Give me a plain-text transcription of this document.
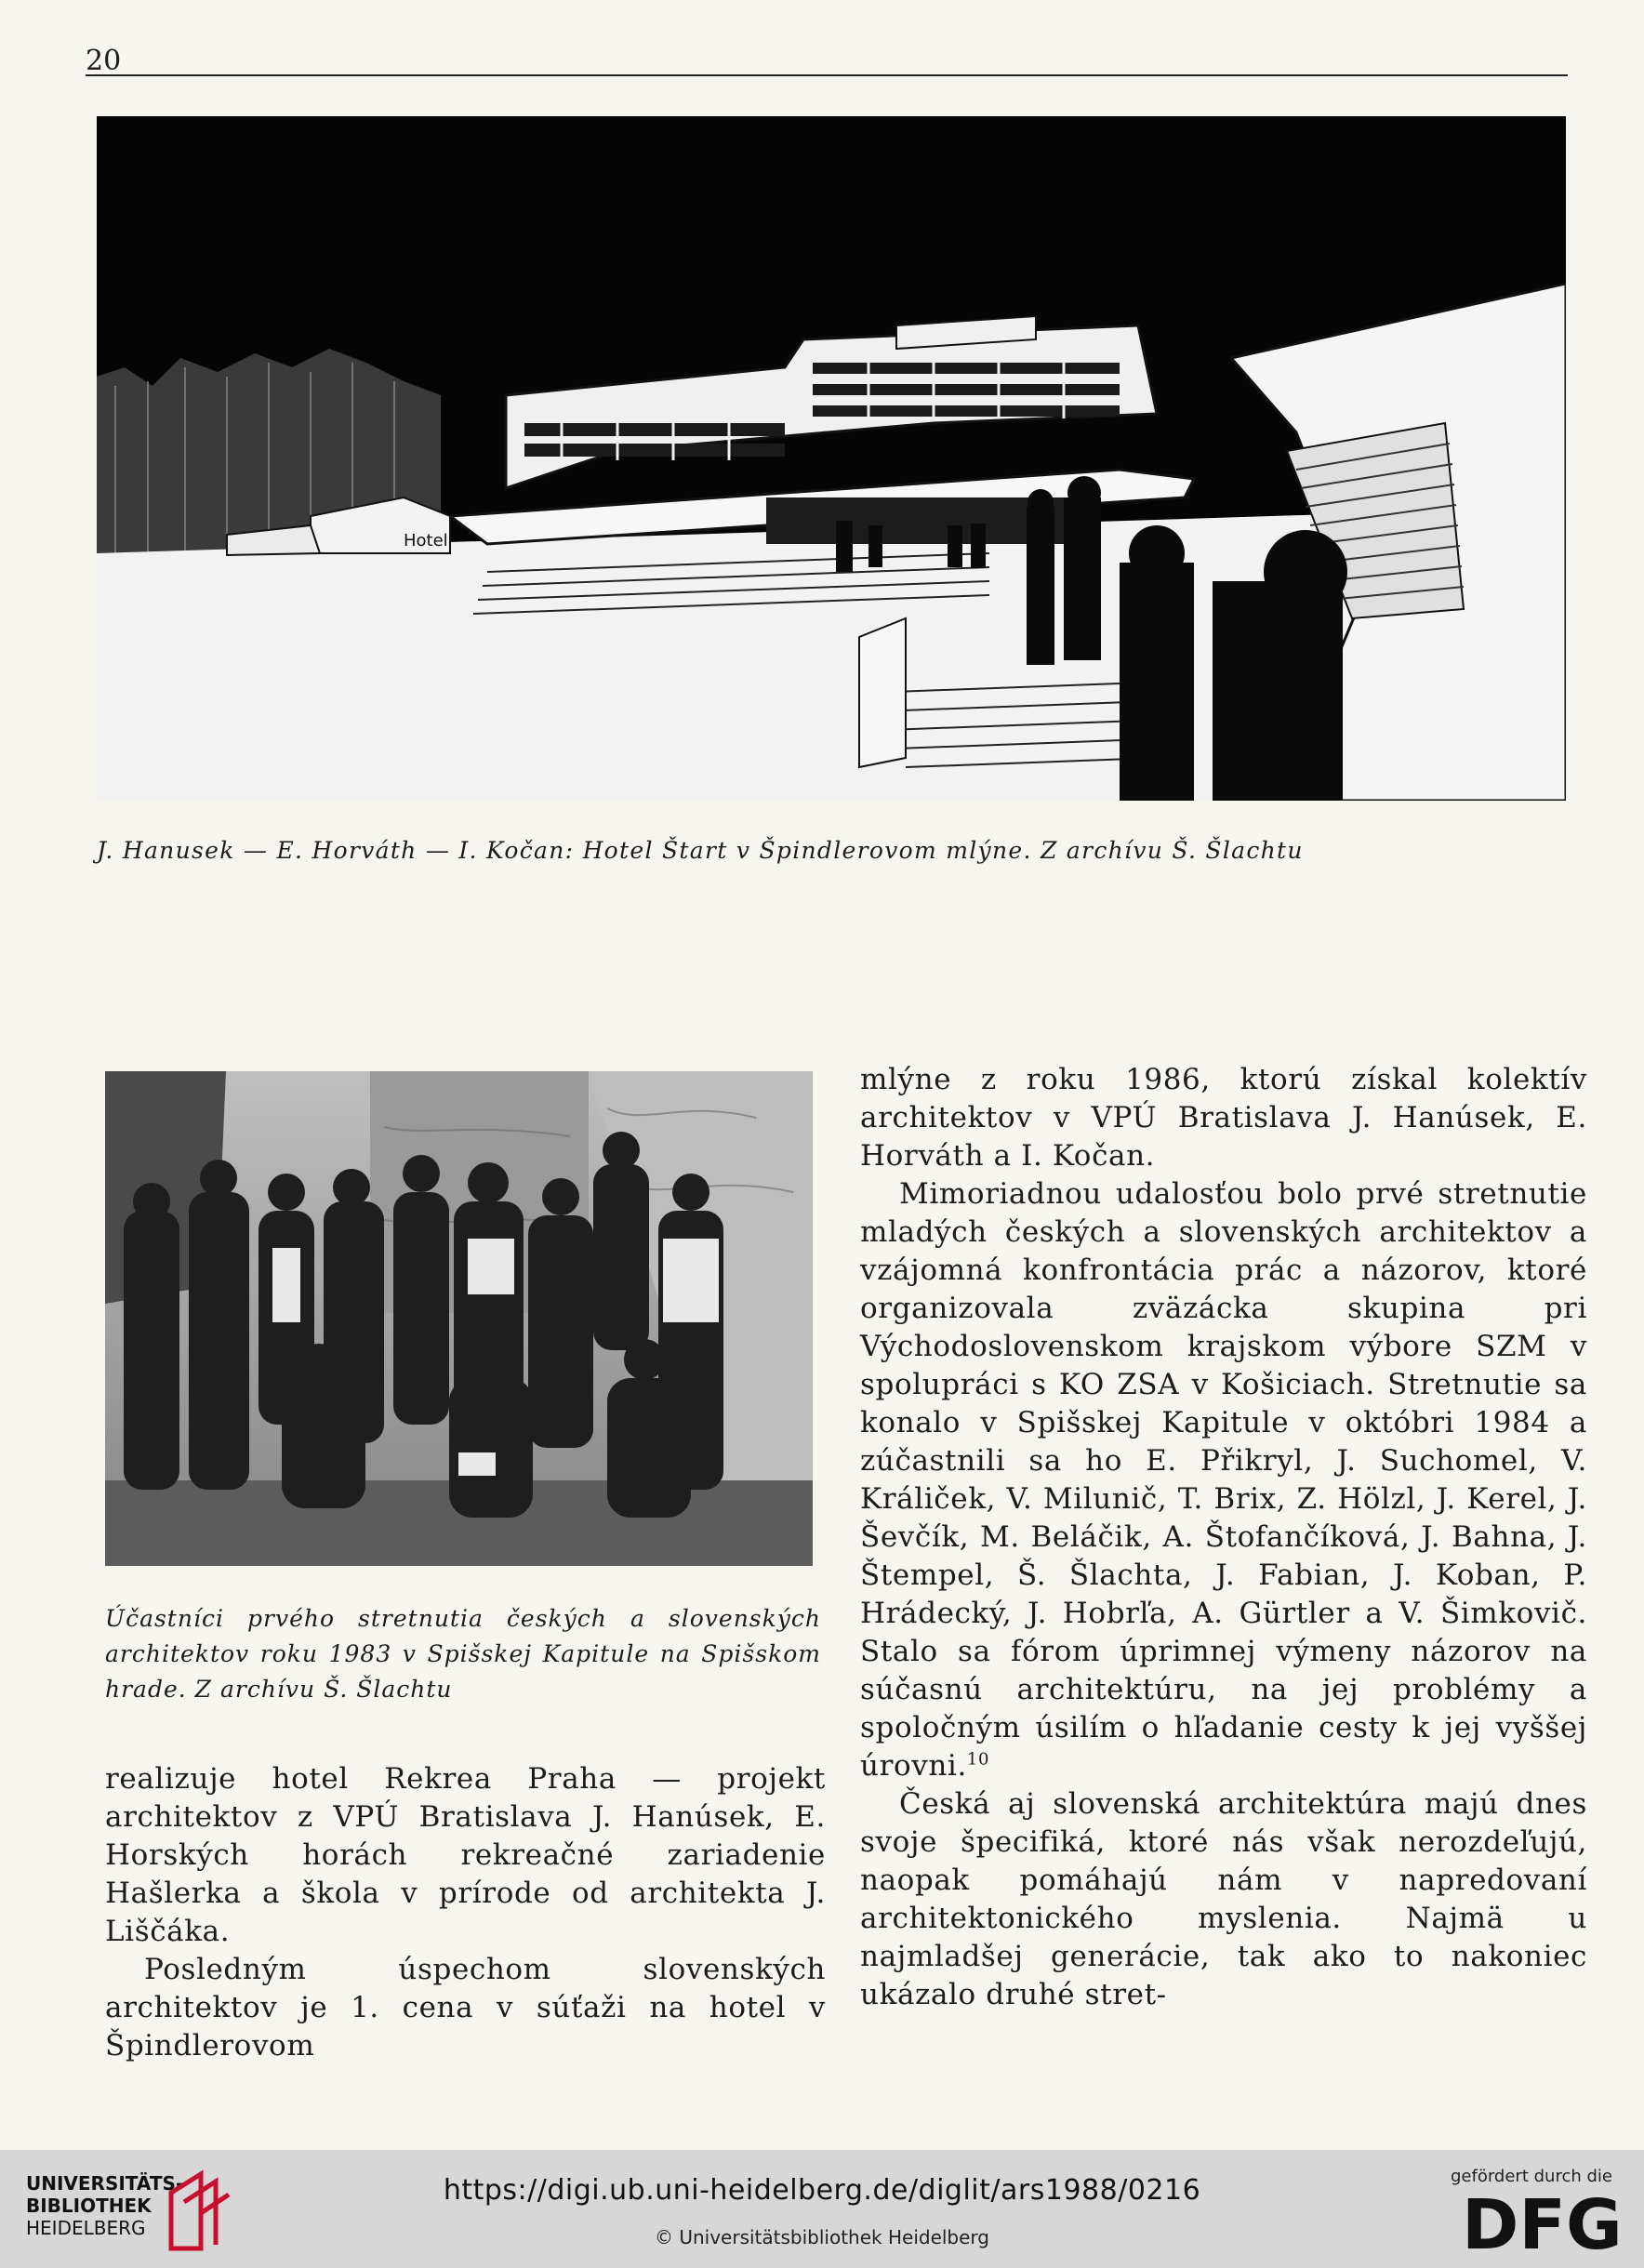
20
Hotel
J. Hanusek — E. Horváth — I. Kočan: Hotel Štart v Špindlerovom mlýne. Z archívu Š. Šlachtu
Účastníci prvého stretnutia českých a slovenských architektov roku 1983 v Spišskej Kapitule na Spišskom hrade. Z archívu Š. Šlachtu

realizuje hotel Rekrea Praha — projekt architektov z VPÚ Bratislava J. Hanúsek, E. Horských horách rekreačné zariadenie Hašlerka a škola v prírode od architekta J. Liščáka.

Posledným úspechom slovenských architektov je 1. cena v súťaži na hotel v Špindlerovom

mlýne z roku 1986, ktorú získal kolektív architektov v VPÚ Bratislava J. Hanúsek, E. Horváth a I. Kočan.

Mimoriadnou udalosťou bolo prvé stretnutie mladých českých a slovenských architektov a vzájomná konfrontácia prác a názorov, ktoré organizovala zväzácka skupina pri Východoslovenskom krajskom výbore SZM v spolupráci s KO ZSA v Košiciach. Stretnutie sa konalo v Spišskej Kapitule v októbri 1984 a zúčastnili sa ho E. Přikryl, J. Suchomel, V. Králiček, V. Milunič, T. Brix, Z. Hölzl, J. Kerel, J. Ševčík, M. Beláčik, A. Štofančíková, J. Bahna, J. Štempel, Š. Šlachta, J. Fabian, J. Koban, P. Hrádecký, J. Hobrľa, A. Gürtler a V. Šimkovič. Stalo sa fórom úprimnej výmeny názorov na súčasnú architektúru, na jej problémy a spoločným úsilím o hľadanie cesty k jej vyššej úrovni.$^{10}$

Česká aj slovenská architektúra majú dnes svoje špecifiká, ktoré nás však nerozdeľujú, naopak pomáhajú nám v napredovaní architektonického myslenia. Najmä u najmladšej generácie, tak ako to nakoniec ukázalo druhé stret-

UNIVERSITÄTS-
BIBLIOTHEK
HEIDELBERG
https://digi.ub.uni-heidelberg.de/diglit/ars1988/0216
© Universitätsbibliothek Heidelberg
gefördert durch die
DFG
